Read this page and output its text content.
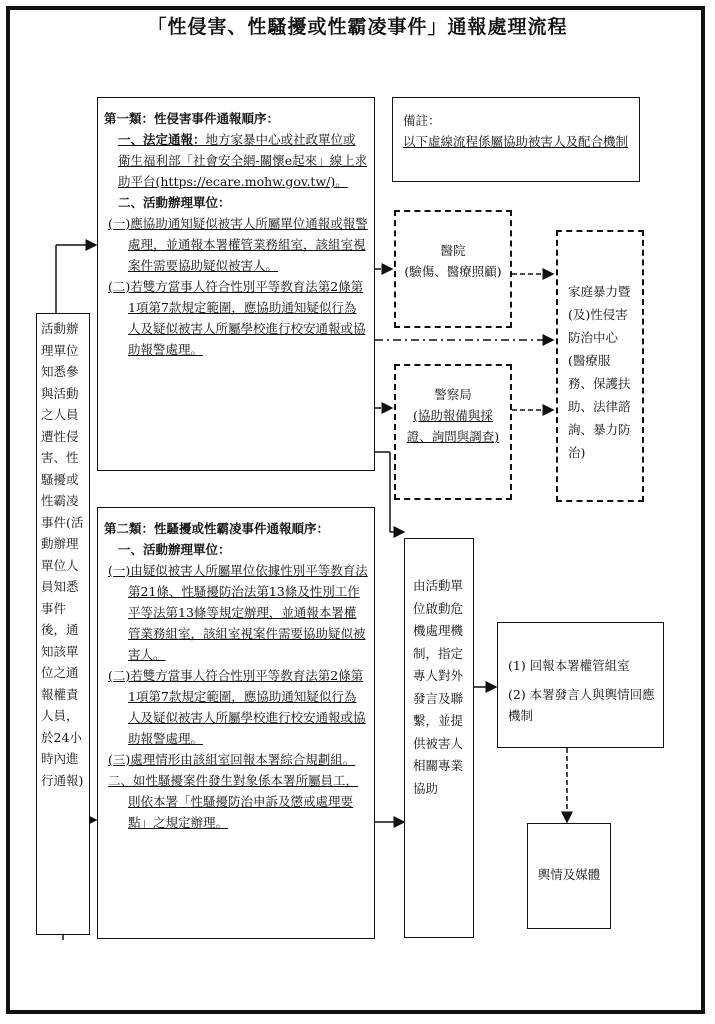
「性侵害、性騷擾或性霸凌事件」通報處理流程
活動辦理單位知悉參與活動之人員遭性侵害、性騷擾或性霸凌事件(活動辦理單位人員知悉事件後，通知該單位之通報權責人員，於24小時內進行通報)
第一類：性侵害事件通報順序：
一、法定通報：地方家暴中心或社政單位或衛生福利部「社會安全網-關懷e起來」線上求助平台(https://ecare.mohw.gov.tw/)。
二、活動辦理單位：
(一)應協助通知疑似被害人所屬單位通報或報警處理，並通報本署權管業務組室，該組室視案件需要協助疑似被害人。
(二)若雙方當事人符合性別平等教育法第2條第1項第7款規定範圍，應協助通知疑似行為人及疑似被害人所屬學校進行校安通報或協助報警處理。
第二類：性騷擾或性霸凌事件通報順序：
一、活動辦理單位：
(一)由疑似被害人所屬單位依據性別平等教育法第21條、性騷擾防治法第13條及性別工作平等法第13條等規定辦理，並通報本署權管業務組室，該組室視案件需要協助疑似被害人。
(二)若雙方當事人符合性別平等教育法第2條第1項第7款規定範圍，應協助通知疑似行為人及疑似被害人所屬學校進行校安通報或協助報警處理。
(三)處理情形由該組室回報本署綜合規劃組。
二、如性騷擾案件發生對象係本署所屬員工，則依本署「性騷擾防治申訴及懲戒處理要點」之規定辦理。
備註：
以下虛線流程係屬協助被害人及配合機制
醫院
(驗傷、醫療照顧)
警察局
(協助報備與採證、詢問與調查)
家庭暴力暨(及)性侵害防治中心(醫療服務、保護扶助、法律諮詢、暴力防治)
由活動單位啟動危機處理機制，指定專人對外發言及聯繫，並提供被害人相關專業協助
(1) 回報本署權管組室
(2) 本署發言人與輿情回應機制
輿情及媒體
